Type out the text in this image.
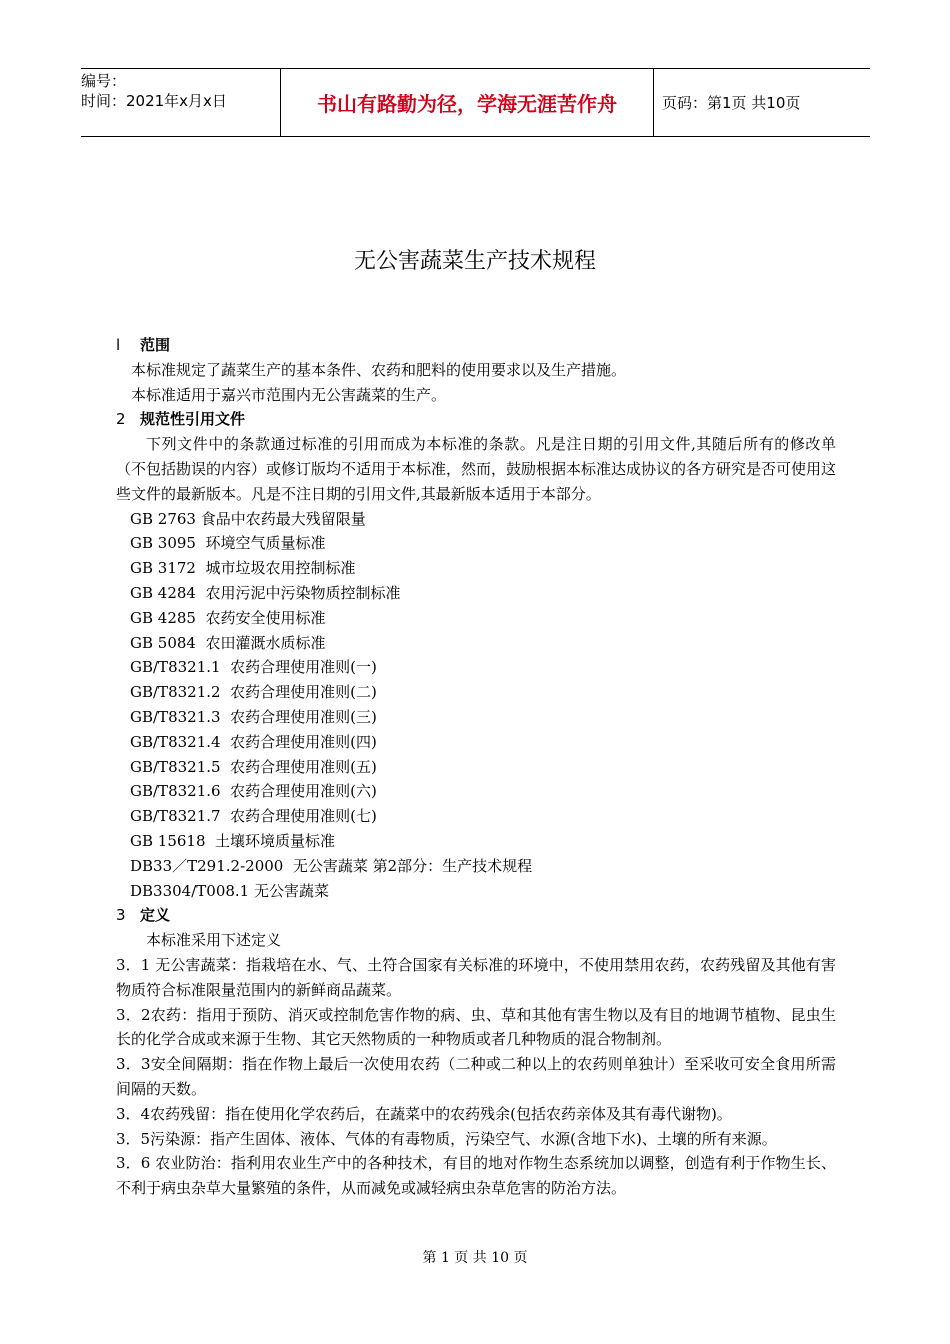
编号：
时间：2021年x月x日	书山有路勤为径，学海无涯苦作舟	页码：第1页 共10页
无公害蔬菜生产技术规程
l 范围
本标准规定了蔬菜生产的基本条件、农药和肥料的使用要求以及生产措施。
本标准适用于嘉兴市范围内无公害蔬菜的生产。
2 规范性引用文件
下列文件中的条款通过标准的引用而成为本标准的条款。凡是注日期的引用文件,其随后所有的修改单（不包括勘误的内容）或修订版均不适用于本标准，然而，鼓励根据本标准达成协议的各方研究是否可使用这些文件的最新版本。凡是不注日期的引用文件,其最新版本适用于本部分。
GB 2763 食品中农药最大残留限量
GB 3095  环境空气质量标准
GB 3172  城市垃圾农用控制标准
GB 4284  农用污泥中污染物质控制标准
GB 4285  农药安全使用标准
GB 5084  农田灌溉水质标准
GB/T8321.1  农药合理使用准则(一)
GB/T8321.2  农药合理使用准则(二)
GB/T8321.3  农药合理使用准则(三)
GB/T8321.4  农药合理使用准则(四)
GB/T8321.5  农药合理使用准则(五)
GB/T8321.6  农药合理使用准则(六)
GB/T8321.7  农药合理使用准则(七)
GB 15618  土壤环境质量标准
DB33／T291.2-2000  无公害蔬菜 第2部分：生产技术规程
DB3304/T008.1 无公害蔬菜
3 定义
本标准采用下述定义
3．1 无公害蔬菜：指栽培在水、气、土符合国家有关标准的环境中，不使用禁用农药，农药残留及其他有害物质符合标准限量范围内的新鲜商品蔬菜。
3．2农药：指用于预防、消灭或控制危害作物的病、虫、草和其他有害生物以及有目的地调节植物、昆虫生长的化学合成或来源于生物、其它天然物质的一种物质或者几种物质的混合物制剂。
3．3安全间隔期：指在作物上最后一次使用农药（二种或二种以上的农药则单独计）至采收可安全食用所需间隔的天数。
3．4农药残留：指在使用化学农药后，在蔬菜中的农药残余(包括农药亲体及其有毒代谢物)。
3．5污染源：指产生固体、液体、气体的有毒物质，污染空气、水源(含地下水)、土壤的所有来源。
3．6 农业防治：指利用农业生产中的各种技术，有目的地对作物生态系统加以调整，创造有利于作物生长、不利于病虫杂草大量繁殖的条件，从而减免或减轻病虫杂草危害的防治方法。
第 1 页 共 10 页
